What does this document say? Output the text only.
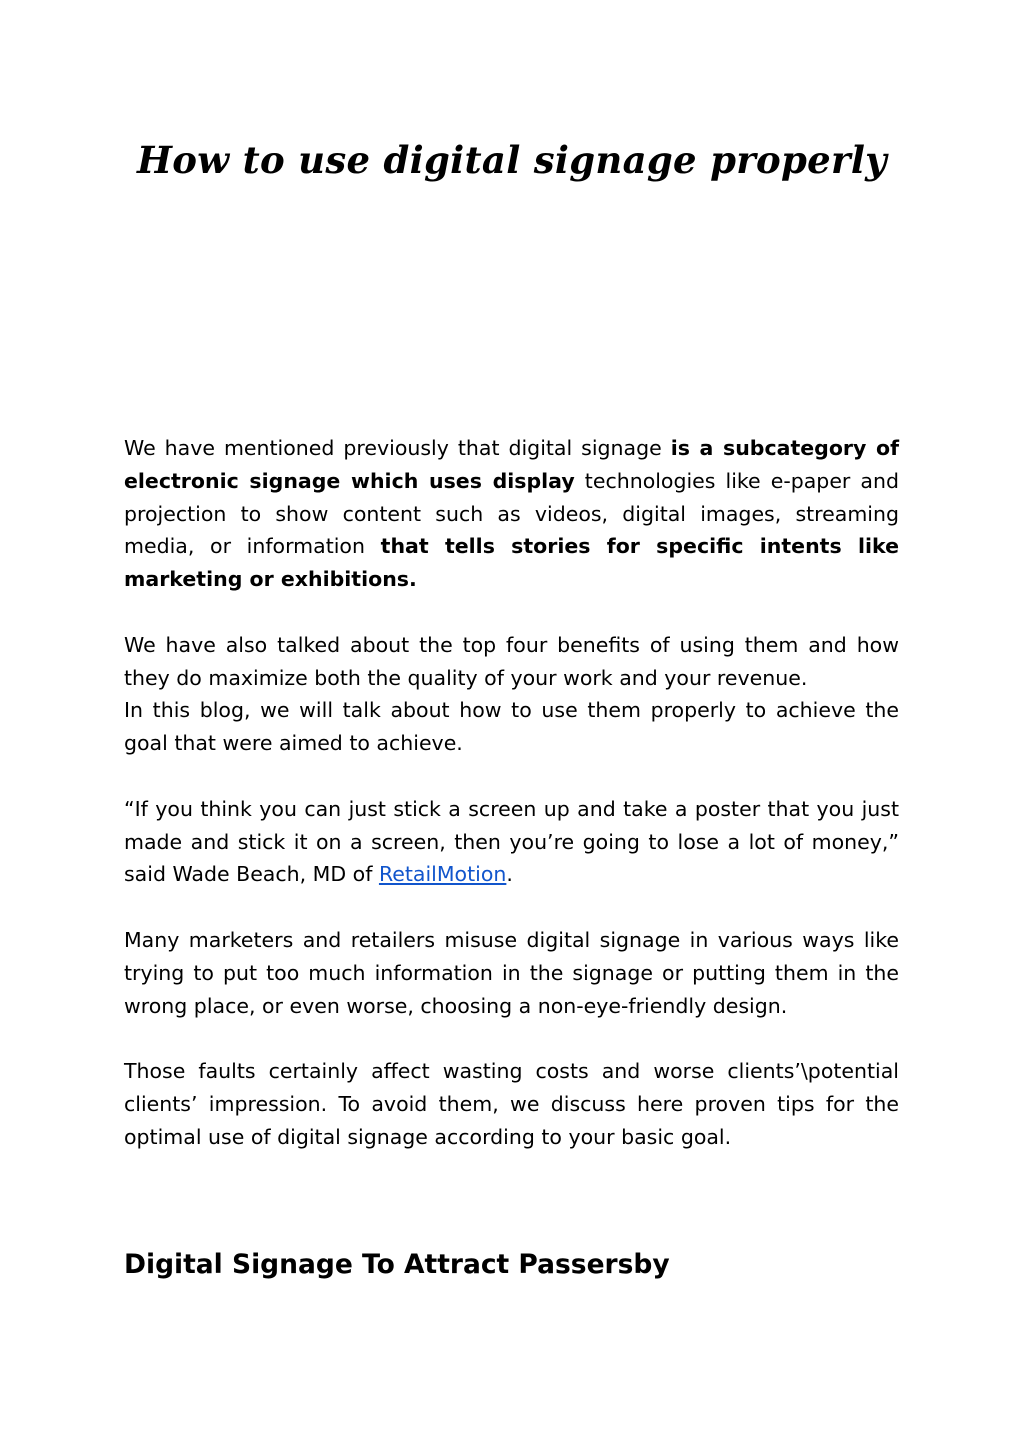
How to use digital signage properly

We have mentioned previously that digital signage is a subcategory of electronic signage which uses display technologies like e-paper and projection to show content such as videos, digital images, streaming media, or information that tells stories for specific intents like marketing or exhibitions.

We have also talked about the top four benefits of using them and how they do maximize both the quality of your work and your revenue.

In this blog, we will talk about how to use them properly to achieve the goal that were aimed to achieve.

“If you think you can just stick a screen up and take a poster that you just made and stick it on a screen, then you’re going to lose a lot of money,” said Wade Beach, MD of RetailMotion.

Many marketers and retailers misuse digital signage in various ways like trying to put too much information in the signage or putting them in the wrong place, or even worse, choosing a non-eye-friendly design.

Those faults certainly affect wasting costs and worse clients’\potential clients’ impression. To avoid them, we discuss here proven tips for the optimal use of digital signage according to your basic goal.

Digital Signage To Attract Passersby
